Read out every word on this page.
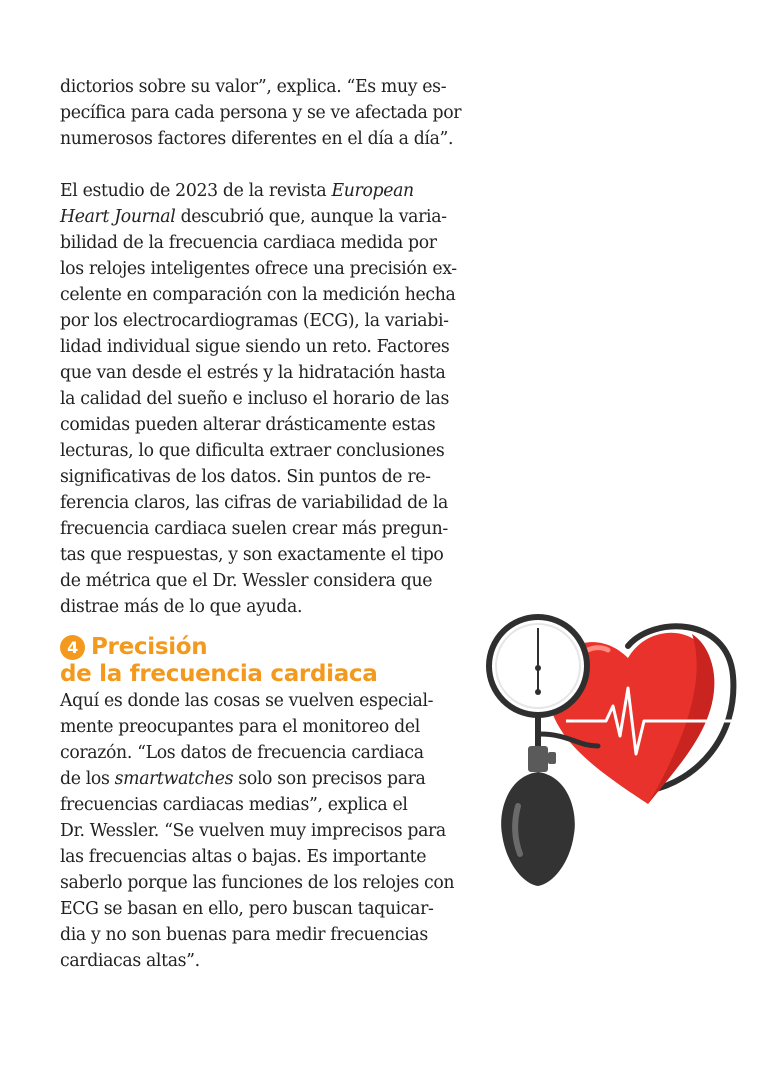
dictorios sobre su valor”, explica. “Es muy es-
pecífica para cada persona y se ve afectada por
numerosos factores diferentes en el día a día”.

El estudio de 2023 de la revista European
Heart Journal descubrió que, aunque la varia-
bilidad de la frecuencia cardiaca medida por
los relojes inteligentes ofrece una precisión ex-
celente en comparación con la medición hecha
por los electrocardiogramas (ECG), la variabi-
lidad individual sigue siendo un reto. Factores
que van desde el estrés y la hidratación hasta
la calidad del sueño e incluso el horario de las
comidas pueden alterar drásticamente estas
lecturas, lo que dificulta extraer conclusiones
significativas de los datos. Sin puntos de re-
ferencia claros, las cifras de variabilidad de la
frecuencia cardiaca suelen crear más pregun-
tas que respuestas, y son exactamente el tipo
de métrica que el Dr. Wessler considera que
distrae más de lo que ayuda.

4 Precisión
de la frecuencia cardiaca

Aquí es donde las cosas se vuelven especial-
mente preocupantes para el monitoreo del
corazón. “Los datos de frecuencia cardiaca
de los smartwatches solo son precisos para
frecuencias cardiacas medias”, explica el
Dr. Wessler. “Se vuelven muy imprecisos para
las frecuencias altas o bajas. Es importante
saberlo porque las funciones de los relojes con
ECG se basan en ello, pero buscan taquicar-
dia y no son buenas para medir frecuencias
cardiacas altas”.
